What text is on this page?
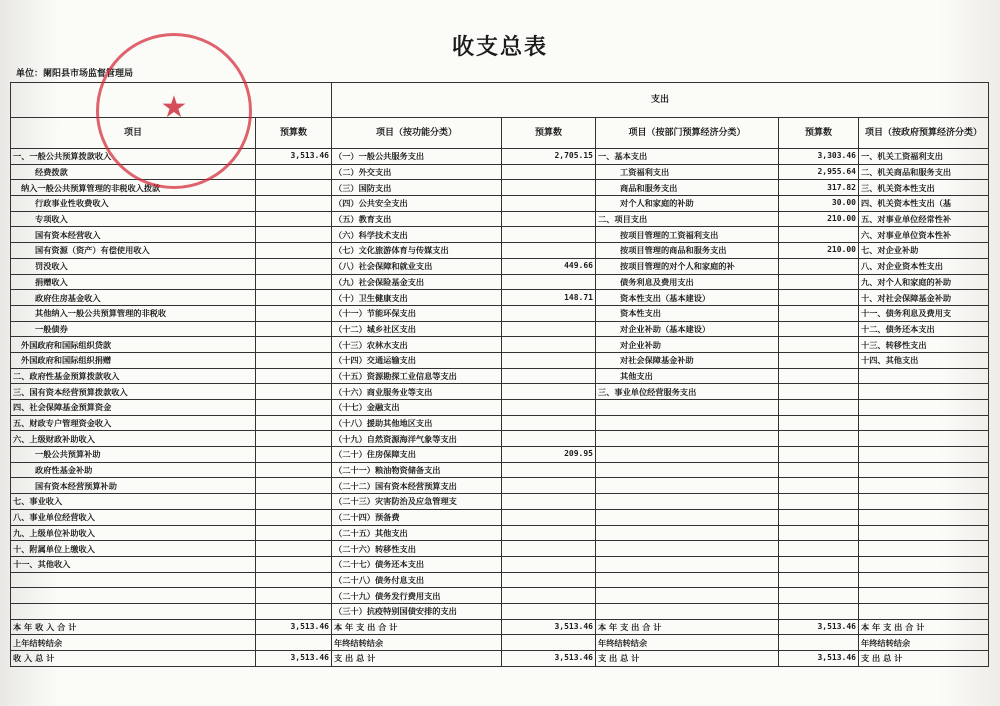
收支总表
单位：阑阳县市场监督管理局
		支出				
项目	预算数	项目（按功能分类）	预算数	项目（按部门预算经济分类）	预算数	项目（按政府预算经济分类）
一、一般公共预算拨款收入	3,513.46	（一）一般公共服务支出	2,705.15	一、基本支出	3,303.46	一、机关工资福利支出
经费拨款		（二）外交支出		工资福利支出	2,955.64	二、机关商品和服务支出
纳入一般公共预算管理的非税收入拨款		（三）国防支出		商品和服务支出	317.82	三、机关资本性支出
行政事业性收费收入		（四）公共安全支出		对个人和家庭的补助	30.00	四、机关资本性支出（基
专项收入		（五）教育支出		二、项目支出	210.00	五、对事业单位经常性补
国有资本经营收入		（六）科学技术支出		按项目管理的工资福利支出		六、对事业单位资本性补
国有资源（资产）有偿使用收入		（七）文化旅游体育与传媒支出		按项目管理的商品和服务支出	210.00	七、对企业补助
罚没收入		（八）社会保障和就业支出	449.66	按项目管理的对个人和家庭的补		八、对企业资本性支出
捐赠收入		（九）社会保险基金支出		债务利息及费用支出		九、对个人和家庭的补助
政府住房基金收入		（十）卫生健康支出	148.71	资本性支出（基本建设）		十、对社会保障基金补助
其他纳入一般公共预算管理的非税收		（十一）节能环保支出		资本性支出		十一、债务利息及费用支
一般债券		（十二）城乡社区支出		对企业补助（基本建设）		十二、债务还本支出
外国政府和国际组织贷款		（十三）农林水支出		对企业补助		十三、转移性支出
外国政府和国际组织捐赠		（十四）交通运输支出		对社会保障基金补助		十四、其他支出
二、政府性基金预算拨款收入		（十五）资源勘探工业信息等支出		其他支出		
三、国有资本经营预算拨款收入		（十六）商业服务业等支出		三、事业单位经营服务支出		
四、社会保障基金预算资金		（十七）金融支出				
五、财政专户管理资金收入		（十八）援助其他地区支出				
六、上级财政补助收入		（十九）自然资源海洋气象等支出				
一般公共预算补助		（二十）住房保障支出	209.95			
政府性基金补助		（二十一）粮油物资储备支出				
国有资本经营预算补助		（二十二）国有资本经营预算支出				
七、事业收入		（二十三）灾害防治及应急管理支				
八、事业单位经营收入		（二十四）预备费				
九、上级单位补助收入		（二十五）其他支出				
十、附属单位上缴收入		（二十六）转移性支出				
十一、其他收入		（二十七）债务还本支出				
		（二十八）债务付息支出				
		（二十九）债务发行费用支出				
		（三十）抗疫特别国债安排的支出				
本 年 收 入 合 计	3,513.46	本 年 支 出 合 计	3,513.46	本 年 支 出 合 计	3,513.46	本 年 支 出 合 计
上年结转结余		年终结转结余		年终结转结余		年终结转结余
收 入 总 计	3,513.46	支 出 总 计	3,513.46	支 出 总 计	3,513.46	支 出 总 计
★
